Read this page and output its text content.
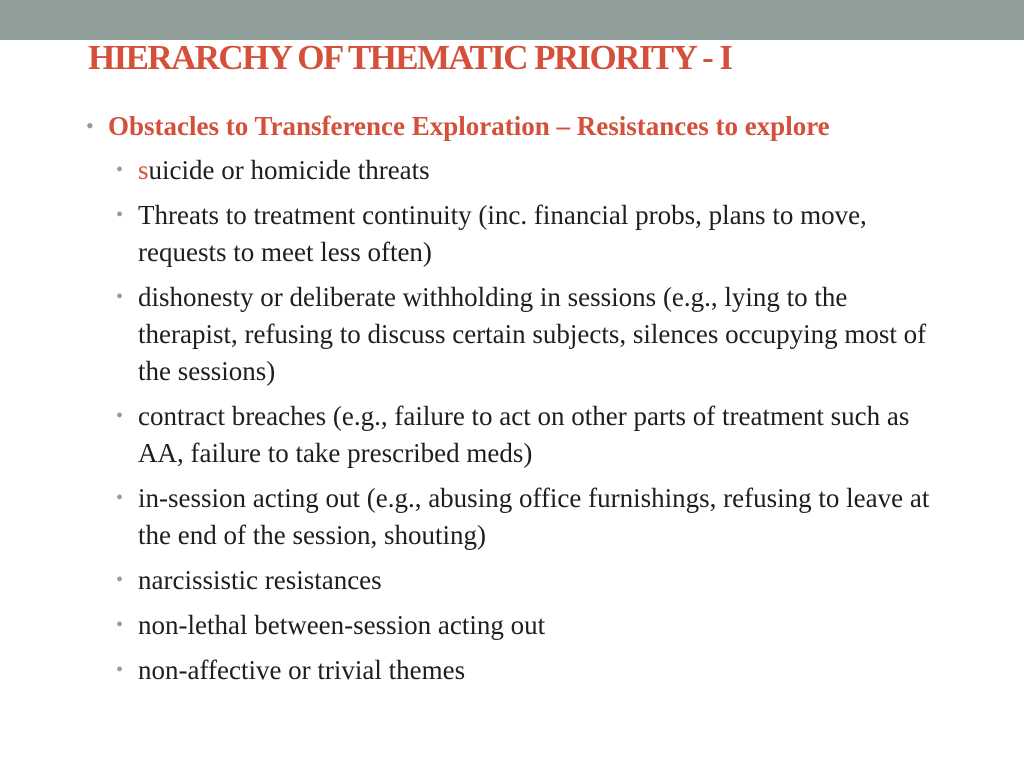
HIERARCHY OF THEMATIC PRIORITY - I
• Obstacles to Transference Exploration – Resistances to explore
• suicide or homicide threats
• Threats to treatment continuity (inc. financial probs, plans to move, requests to meet less often)
• dishonesty or deliberate withholding in sessions (e.g., lying to the therapist, refusing to discuss certain subjects, silences occupying most of the sessions)
• contract breaches (e.g., failure to act on other parts of treatment such as AA, failure to take prescribed meds)
• in-session acting out (e.g., abusing office furnishings, refusing to leave at the end of the session, shouting)
• narcissistic resistances
• non-lethal between-session acting out
• non-affective or trivial themes
